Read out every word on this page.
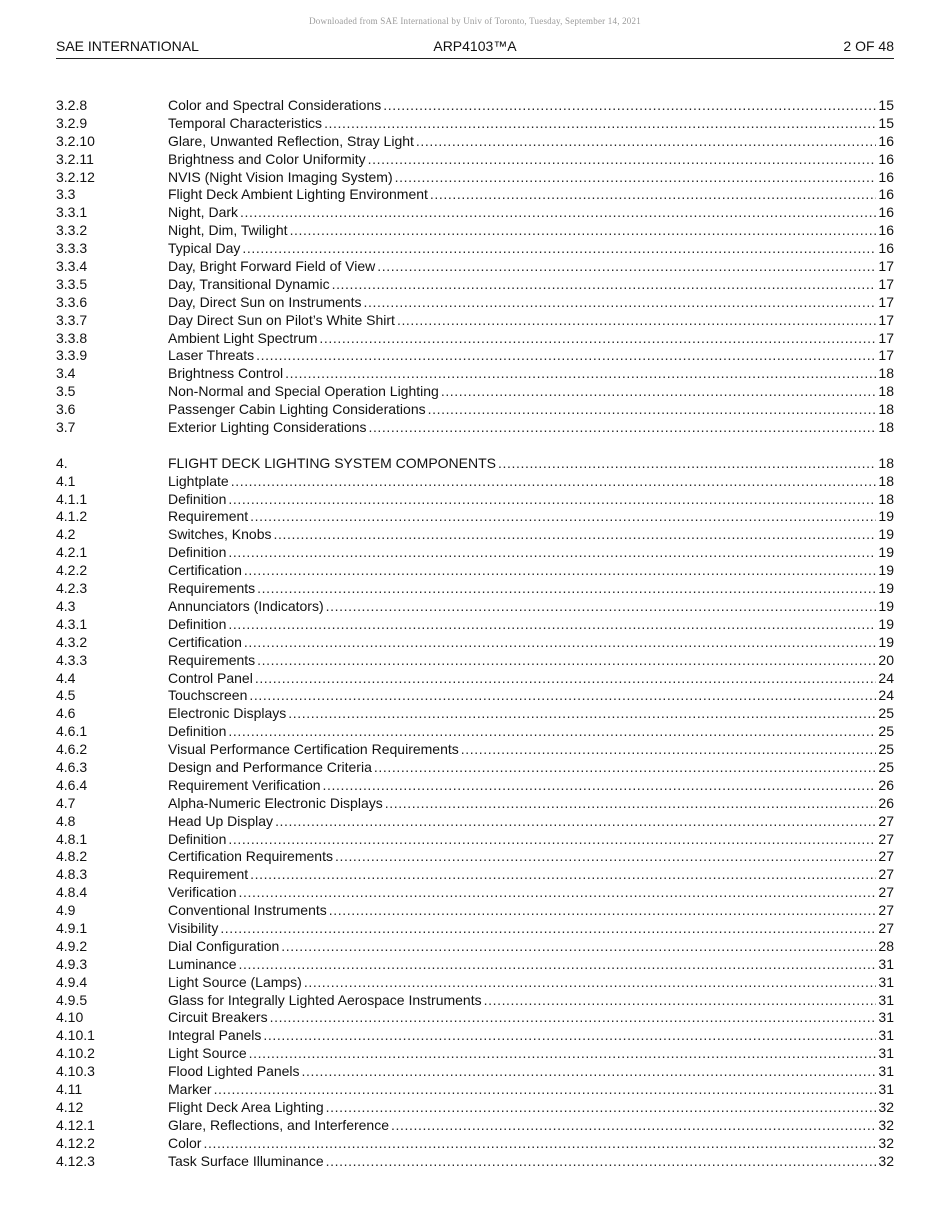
Downloaded from SAE International by Univ of Toronto, Tuesday, September 14, 2021
SAE INTERNATIONAL	ARP4103™A	2 OF 48
3.2.8	Color and Spectral Considerations .....	15
3.2.9	Temporal Characteristics .....	15
3.2.10	Glare, Unwanted Reflection, Stray Light .....	16
3.2.11	Brightness and Color Uniformity .....	16
3.2.12	NVIS (Night Vision Imaging System) .....	16
3.3	Flight Deck Ambient Lighting Environment .....	16
3.3.1	Night, Dark .....	16
3.3.2	Night, Dim, Twilight .....	16
3.3.3	Typical Day .....	16
3.3.4	Day, Bright Forward Field of View .....	17
3.3.5	Day, Transitional Dynamic .....	17
3.3.6	Day, Direct Sun on Instruments .....	17
3.3.7	Day Direct Sun on Pilot’s White Shirt .....	17
3.3.8	Ambient Light Spectrum .....	17
3.3.9	Laser Threats .....	17
3.4	Brightness Control .....	18
3.5	Non-Normal and Special Operation Lighting .....	18
3.6	Passenger Cabin Lighting Considerations .....	18
3.7	Exterior Lighting Considerations .....	18
4.	FLIGHT DECK LIGHTING SYSTEM COMPONENTS .....	18
4.1	Lightplate .....	18
4.1.1	Definition .....	18
4.1.2	Requirement .....	19
4.2	Switches, Knobs .....	19
4.2.1	Definition .....	19
4.2.2	Certification .....	19
4.2.3	Requirements .....	19
4.3	Annunciators (Indicators) .....	19
4.3.1	Definition .....	19
4.3.2	Certification .....	19
4.3.3	Requirements .....	20
4.4	Control Panel .....	24
4.5	Touchscreen .....	24
4.6	Electronic Displays .....	25
4.6.1	Definition .....	25
4.6.2	Visual Performance Certification Requirements .....	25
4.6.3	Design and Performance Criteria .....	25
4.6.4	Requirement Verification .....	26
4.7	Alpha-Numeric Electronic Displays .....	26
4.8	Head Up Display .....	27
4.8.1	Definition .....	27
4.8.2	Certification Requirements .....	27
4.8.3	Requirement .....	27
4.8.4	Verification .....	27
4.9	Conventional Instruments .....	27
4.9.1	Visibility .....	27
4.9.2	Dial Configuration .....	28
4.9.3	Luminance .....	31
4.9.4	Light Source (Lamps) .....	31
4.9.5	Glass for Integrally Lighted Aerospace Instruments .....	31
4.10	Circuit Breakers .....	31
4.10.1	Integral Panels .....	31
4.10.2	Light Source .....	31
4.10.3	Flood Lighted Panels .....	31
4.11	Marker .....	31
4.12	Flight Deck Area Lighting .....	32
4.12.1	Glare, Reflections, and Interference .....	32
4.12.2	Color .....	32
4.12.3	Task Surface Illuminance .....	32
